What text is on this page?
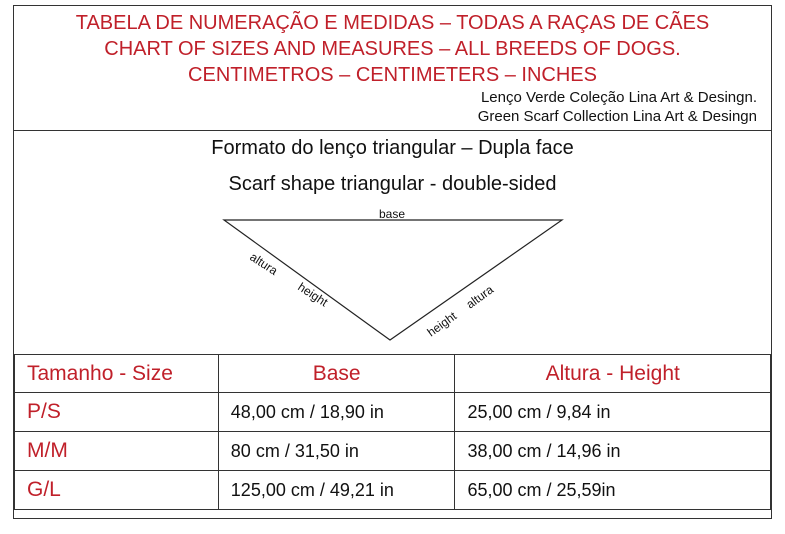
TABELA DE NUMERAÇÃO E MEDIDAS – TODAS A RAÇAS DE CÃES
CHART OF SIZES AND MEASURES – ALL BREEDS OF DOGS.
CENTIMETROS – CENTIMETERS – INCHES
Lenço Verde Coleção Lina Art & Desingn.
Green Scarf Collection Lina Art & Desingn
Formato do lenço triangular – Dupla face
Scarf shape triangular - double-sided
base
altura
height
height
altura
Tamanho - Size	Base	Altura - Height
P/S	48,00 cm / 18,90 in	25,00 cm / 9,84 in
M/M	80 cm / 31,50 in	38,00 cm / 14,96 in
G/L	125,00 cm / 49,21 in	65,00 cm / 25,59in
